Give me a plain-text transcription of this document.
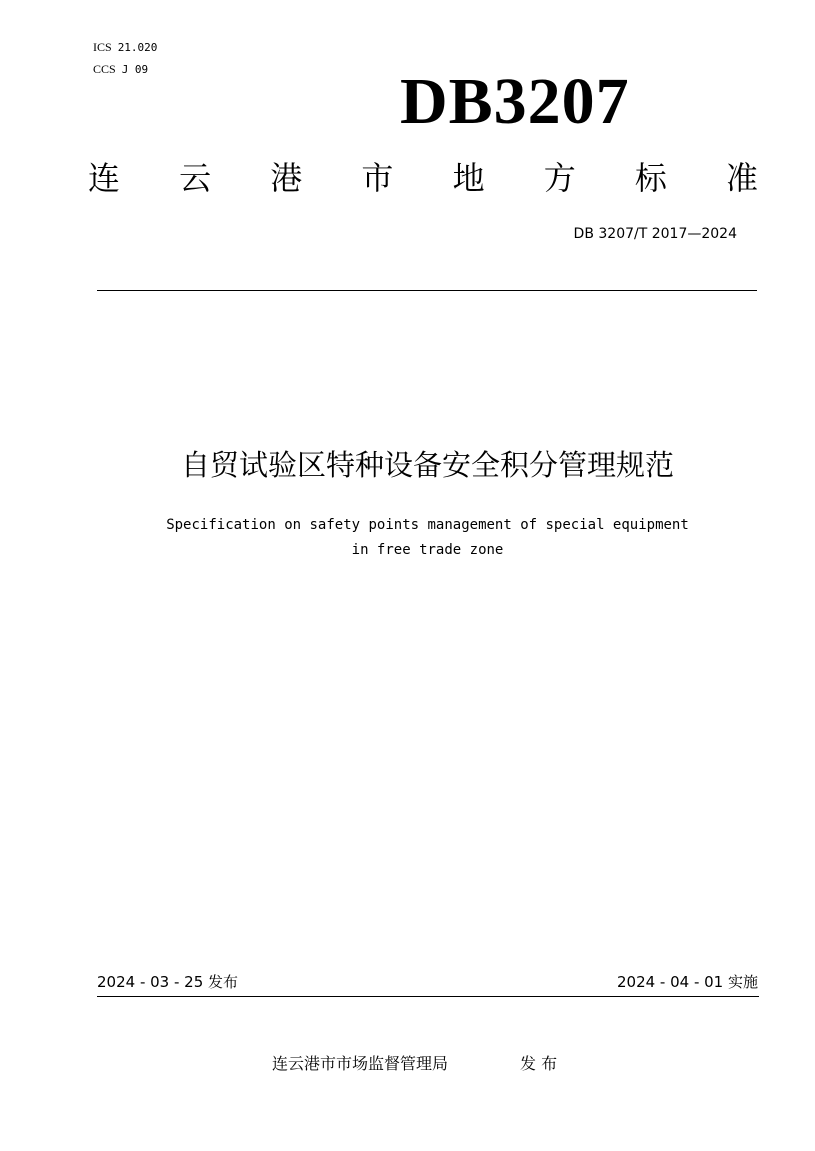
ICS 21.020
CCS J 09	DB3207
连 云 港 市 地 方 标 准
DB 3207/T 2017—2024
自贸试验区特种设备安全积分管理规范
Specification on safety points management of special equipment
in free trade zone
2024 - 03 - 25 发布	2024 - 04 - 01 实施
连云港市市场监督管理局	发 布
